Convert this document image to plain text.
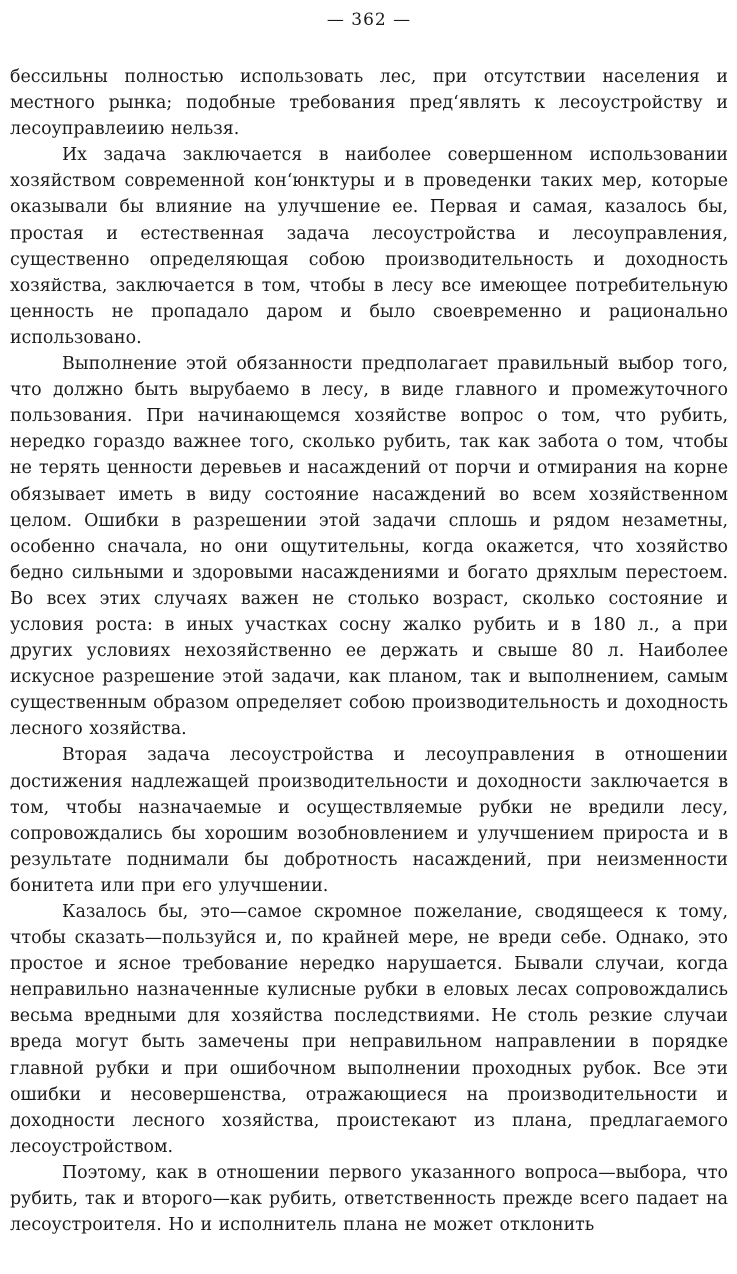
— 362 —

бессильны полностью использовать лес, при отсутствии населения и местного рынка; подобные требования пред‘являть к лесоустройству и лесоуправлеиию нельзя.

Их задача заключается в наиболее совершенном использовании хозяйством современной кон‘юнктуры и в проведенки таких мер, которые оказывали бы влияние на улучшение ее. Первая и самая, казалось бы, простая и естественная задача лесоустройства и лесоуправления, существенно определяющая собою производительность и доходность хозяйства, заключается в том, чтобы в лесу все имеющее потребительную ценность не пропадало даром и было своевременно и рационально использовано.

Выполнение этой обязанности предполагает правильный выбор того, что должно быть вырубаемо в лесу, в виде главного и промежуточного пользования. При начинающемся хозяйстве вопрос о том, что рубить, нередко гораздо важнее того, сколько рубить, так как забота о том, чтобы не терять ценности деревьев и насаждений от порчи и отмирания на корне обязывает иметь в виду состояние насаждений во всем хозяйственном целом. Ошибки в разрешении этой задачи сплошь и рядом незаметны, особенно сначала, но они ощутительны, когда окажется, что хозяйство бедно сильными и здоровыми насаждениями и богато дряхлым перестоем. Во всех этих случаях важен не столько возраст, сколько состояние и условия роста: в иных участках сосну жалко рубить и в 180 л., а при других условиях нехозяйственно ее держать и свыше 80 л. Наиболее искусное разрешение этой задачи, как планом, так и выполнением, самым существенным образом определяет собою производительность и доходность лесного хозяйства.

Вторая задача лесоустройства и лесоуправления в отношении достижения надлежащей производительности и доходности заключается в том, чтобы назначаемые и осуществляемые рубки не вредили лесу, сопровождались бы хорошим возобновлением и улучшением прироста и в результате поднимали бы добротность насаждений, при неизменности бонитета или при его улучшении.

Казалось бы, это—самое скромное пожелание, сводящееся к тому, чтобы сказать—пользуйся и, по крайней мере, не вреди себе. Однако, это простое и ясное требование нередко нарушается. Бывали случаи, когда неправильно назначенные кулисные рубки в еловых лесах сопровождались весьма вредными для хозяйства последствиями. Не столь резкие случаи вреда могут быть замечены при неправильном направлении в порядке главной рубки и при ошибочном выполнении проходных рубок. Все эти ошибки и несовершенства, отражающиеся на производительности и доходности лесного хозяйства, проистекают из плана, предлагаемого лесоустройством.

Поэтому, как в отношении первого указанного вопроса—выбора, что рубить, так и второго—как рубить, ответственность прежде всего падает на лесоустроителя. Но и исполнитель плана не может отклонить
